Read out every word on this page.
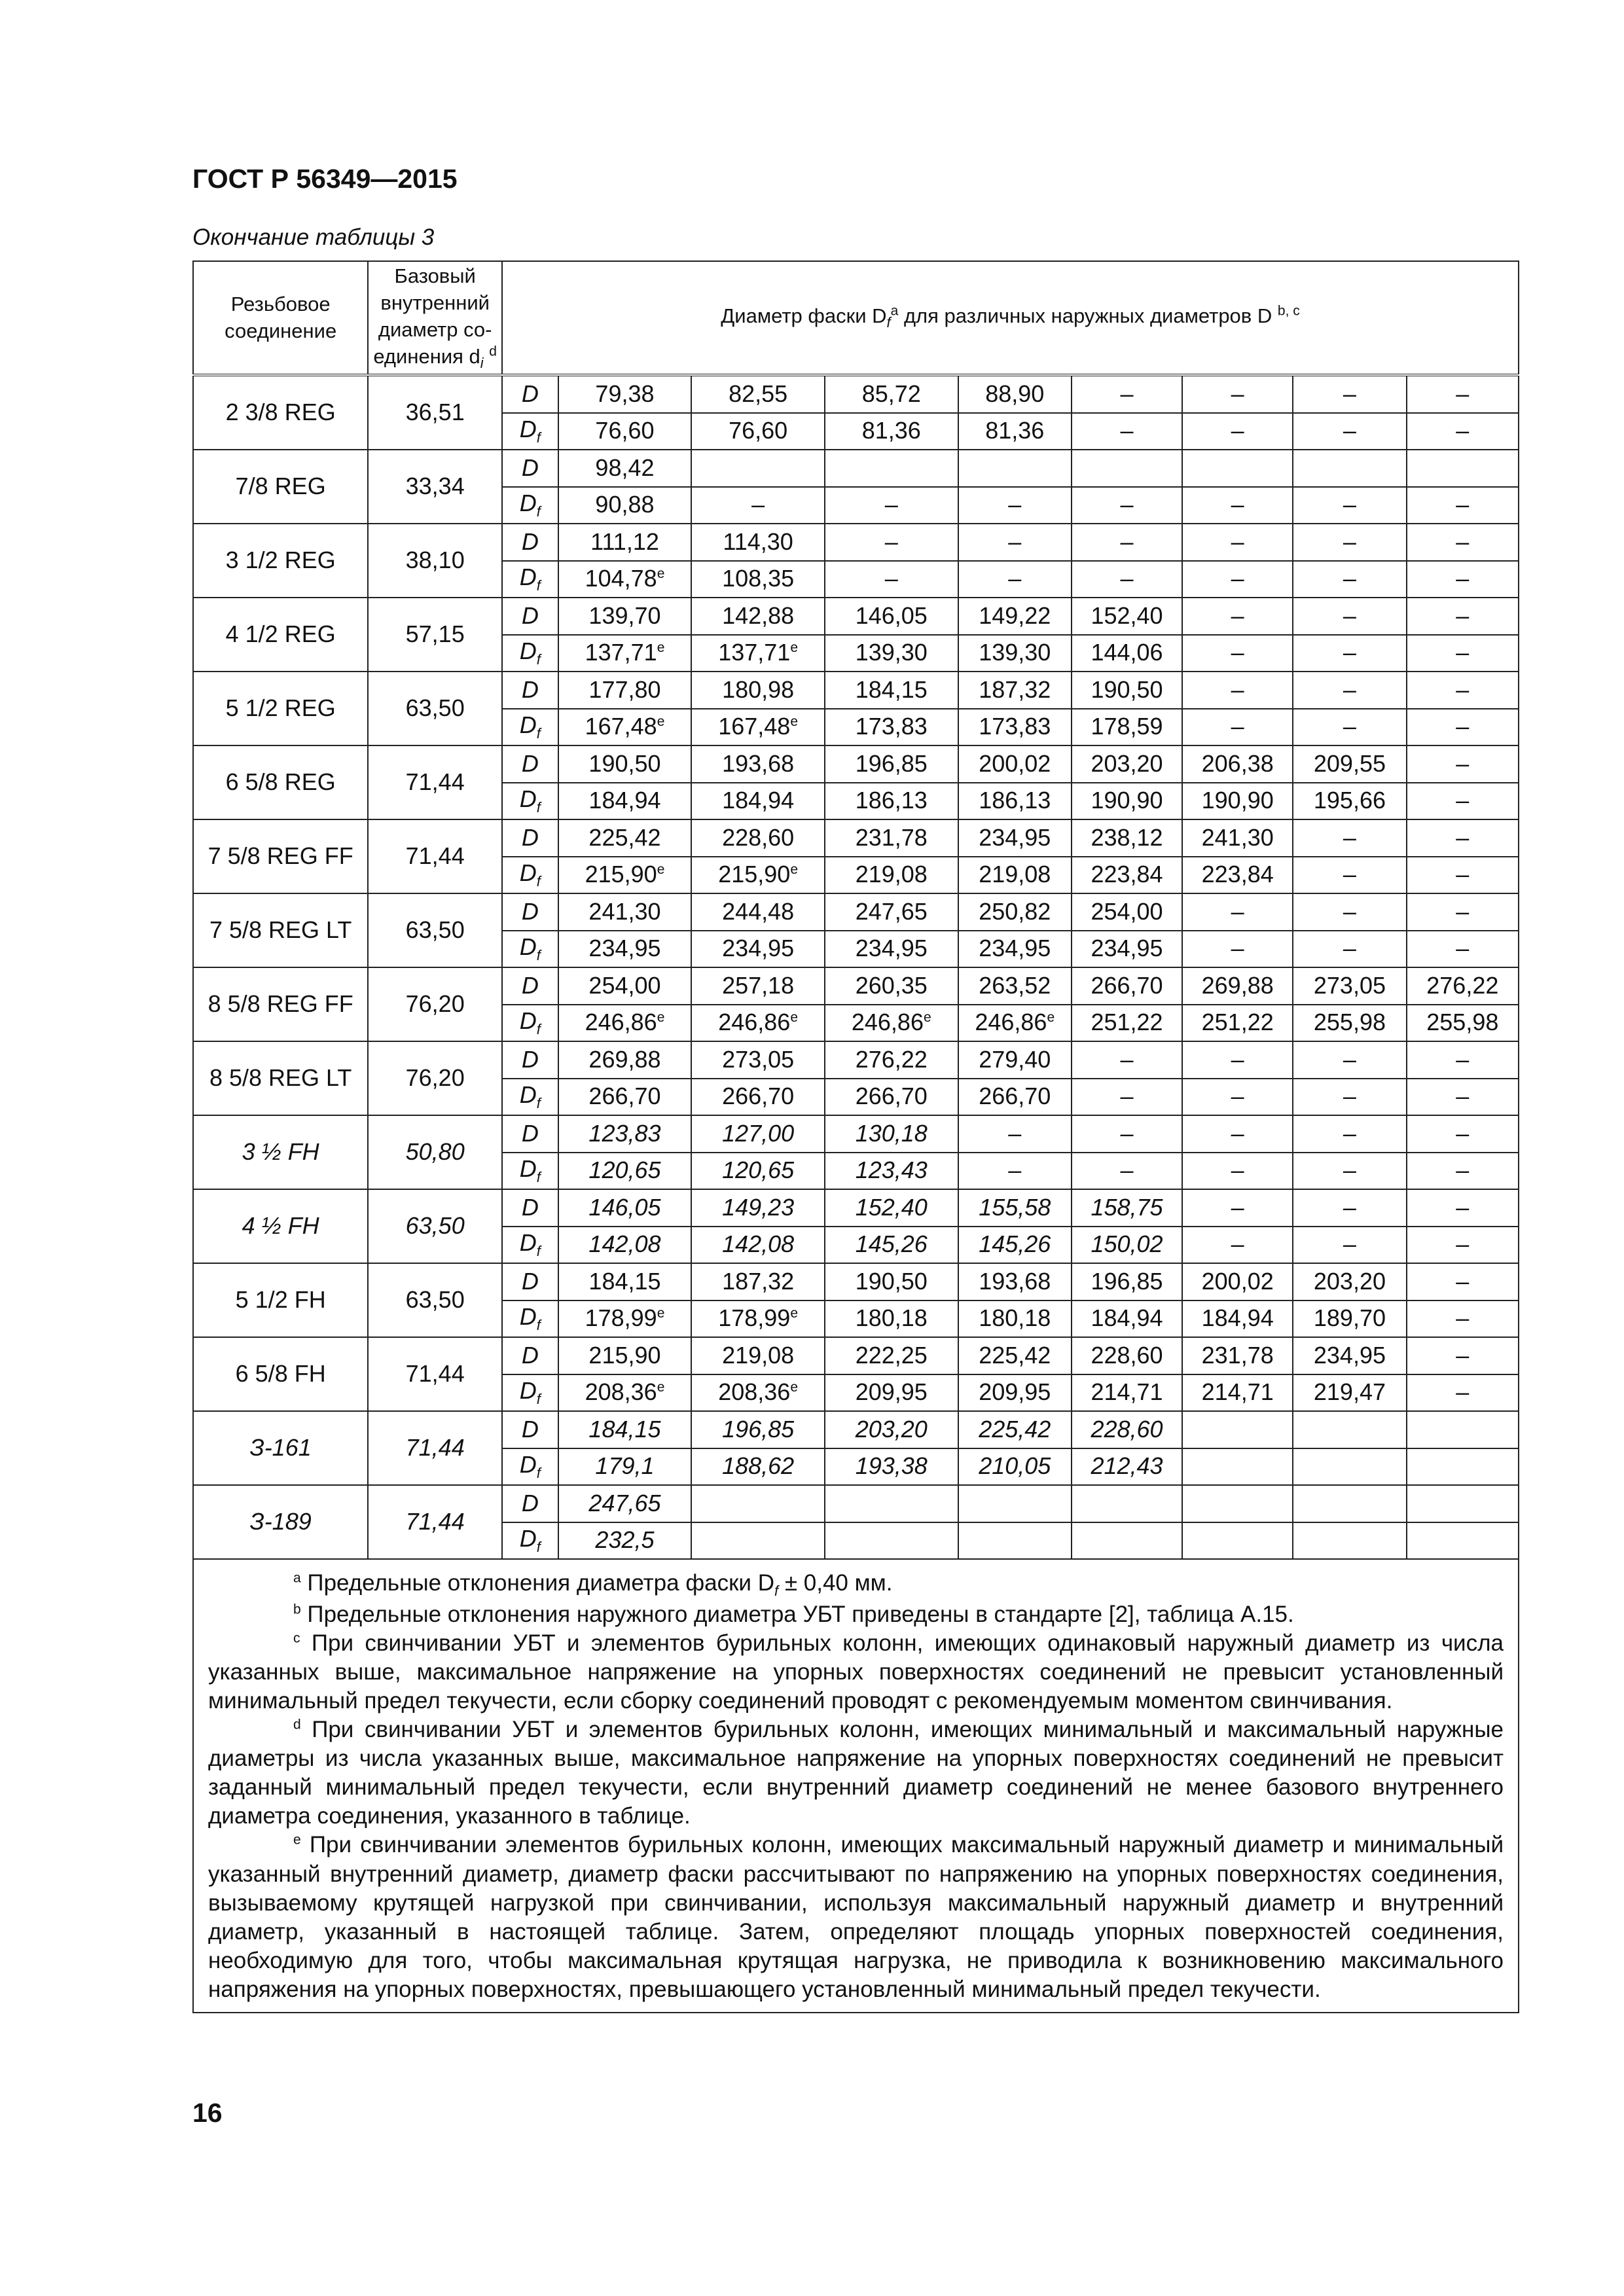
ГОСТ Р 56349—2015
Окончание таблицы 3
Резьбовое соединение	Базовый внутренний диаметр со-единения $d_i$ $^d$	Диаметр фаски $D_f^a$ для различных наружных диаметров D $^{b, c}$
2 3/8 REG	36,51	D	79,38	82,55	85,72	88,90	–	–	–	–
		$D_f$	76,60	76,60	81,36	81,36	–	–	–	–
7/8 REG	33,34	D	98,42							
		$D_f$	90,88	–	–	–	–	–	–	–
3 1/2 REG	38,10	D	111,12	114,30	–	–	–	–	–	–
		$D_f$	104,78e	108,35	–	–	–	–	–	–
4 1/2 REG	57,15	D	139,70	142,88	146,05	149,22	152,40	–	–	–
		$D_f$	137,71e	137,71e	139,30	139,30	144,06	–	–	–
5 1/2 REG	63,50	D	177,80	180,98	184,15	187,32	190,50	–	–	–
		$D_f$	167,48e	167,48e	173,83	173,83	178,59	–	–	–
6 5/8 REG	71,44	D	190,50	193,68	196,85	200,02	203,20	206,38	209,55	–
		$D_f$	184,94	184,94	186,13	186,13	190,90	190,90	195,66	–
7 5/8 REG FF	71,44	D	225,42	228,60	231,78	234,95	238,12	241,30	–	–
		$D_f$	215,90e	215,90e	219,08	219,08	223,84	223,84	–	–
7 5/8 REG LT	63,50	D	241,30	244,48	247,65	250,82	254,00	–	–	–
		$D_f$	234,95	234,95	234,95	234,95	234,95	–	–	–
8 5/8 REG FF	76,20	D	254,00	257,18	260,35	263,52	266,70	269,88	273,05	276,22
		$D_f$	246,86e	246,86e	246,86e	246,86e	251,22	251,22	255,98	255,98
8 5/8 REG LT	76,20	D	269,88	273,05	276,22	279,40	–	–	–	–
		$D_f$	266,70	266,70	266,70	266,70	–	–	–	–
3 ½ FH	50,80	D	123,83	127,00	130,18	–	–	–	–	–
		$D_f$	120,65	120,65	123,43	–	–	–	–	–
4 ½ FH	63,50	D	146,05	149,23	152,40	155,58	158,75	–	–	–
		$D_f$	142,08	142,08	145,26	145,26	150,02	–	–	–
5 1/2 FH	63,50	D	184,15	187,32	190,50	193,68	196,85	200,02	203,20	–
		$D_f$	178,99e	178,99e	180,18	180,18	184,94	184,94	189,70	–
6 5/8 FH	71,44	D	215,90	219,08	222,25	225,42	228,60	231,78	234,95	–
		$D_f$	208,36e	208,36e	209,95	209,95	214,71	214,71	219,47	–
З-161	71,44	D	184,15	196,85	203,20	225,42	228,60			
		$D_f$	179,1	188,62	193,38	210,05	212,43			
З-189	71,44	D	247,65							
		$D_f$	232,5							

$^a$ Предельные отклонения диаметра фаски $D_f \pm 0,40$ мм.

$^b$ Предельные отклонения наружного диаметра УБТ приведены в стандарте [2], таблица А.15.

$^c$ При свинчивании УБТ и элементов бурильных колонн, имеющих одинаковый наружный диаметр из числа указанных выше, максимальное напряжение на упорных поверхностях соединений не превысит установленный минимальный предел текучести, если сборку соединений проводят с рекомендуемым моментом свинчивания.

$^d$ При свинчивании УБТ и элементов бурильных колонн, имеющих минимальный и максимальный наружные диаметры из числа указанных выше, максимальное напряжение на упорных поверхностях соединений не превысит заданный минимальный предел текучести, если внутренний диаметр соединений не менее базового внутреннего диаметра соединения, указанного в таблице.

$^e$ При свинчивании элементов бурильных колонн, имеющих максимальный наружный диаметр и минимальный указанный внутренний диаметр, диаметр фаски рассчитывают по напряжению на упорных поверхностях соединения, вызываемому крутящей нагрузкой при свинчивании, используя максимальный наружный диаметр и внутренний диаметр, указанный в настоящей таблице. Затем, определяют площадь упорных поверхностей соединения, необходимую для того, чтобы максимальная крутящая нагрузка, не приводила к возникновению максимального напряжения на упорных поверхностях, превышающего установленный минимальный предел текучести.										

16
